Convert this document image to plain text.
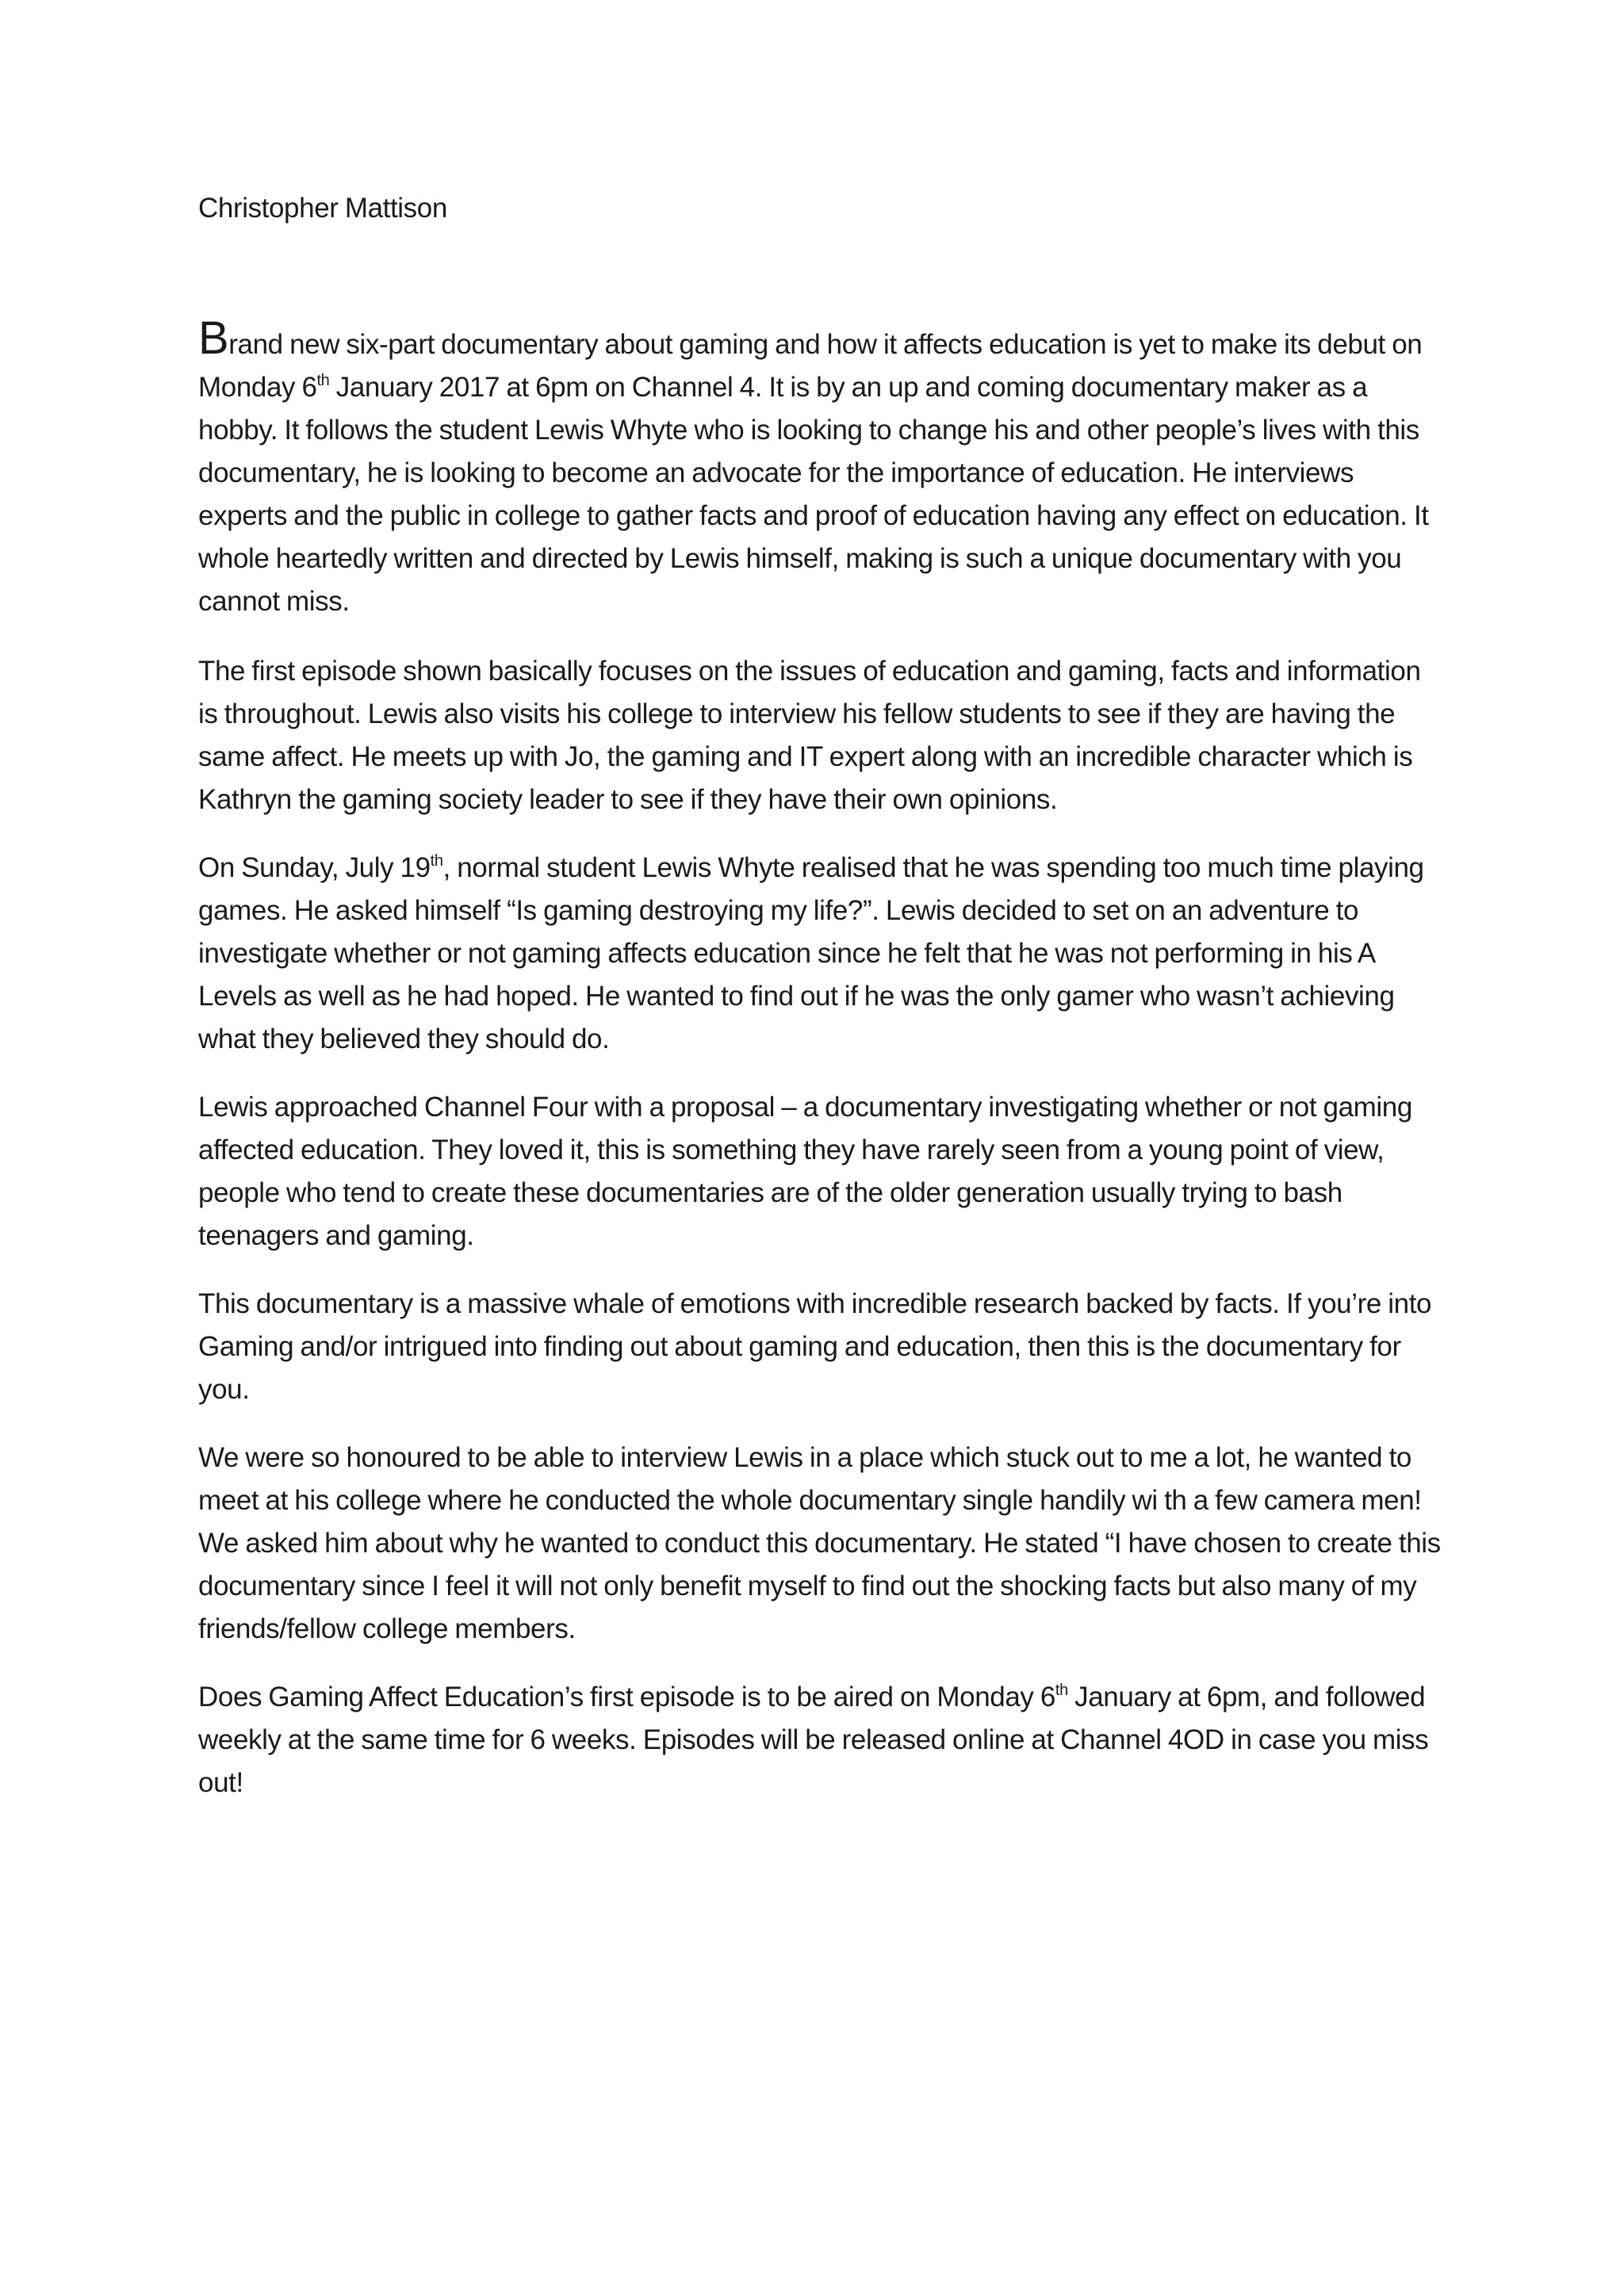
Christopher Mattison

Brand new six-part documentary about gaming and how it affects education is yet to make its debut on Monday 6th January 2017 at 6pm on Channel 4. It is by an up and coming documentary maker as a hobby. It follows the student Lewis Whyte who is looking to change his and other people’s lives with this documentary, he is looking to become an advocate for the importance of education. He interviews experts and the public in college to gather facts and proof of education having any effect on education. It whole heartedly written and directed by Lewis himself, making is such a unique documentary with you cannot miss.

The first episode shown basically focuses on the issues of education and gaming, facts and information is throughout. Lewis also visits his college to interview his fellow students to see if they are having the same affect. He meets up with Jo, the gaming and IT expert along with an incredible character which is Kathryn the gaming society leader to see if they have their own opinions.

On Sunday, July 19th, normal student Lewis Whyte realised that he was spending too much time playing games. He asked himself “Is gaming destroying my life?”. Lewis decided to set on an adventure to investigate whether or not gaming affects education since he felt that he was not performing in his A Levels as well as he had hoped. He wanted to find out if he was the only gamer who wasn’t achieving what they believed they should do.

Lewis approached Channel Four with a proposal – a documentary investigating whether or not gaming affected education. They loved it, this is something they have rarely seen from a young point of view, people who tend to create these documentaries are of the older generation usually trying to bash teenagers and gaming.

This documentary is a massive whale of emotions with incredible research backed by facts. If you’re into Gaming and/or intrigued into finding out about gaming and education, then this is the documentary for you.

We were so honoured to be able to interview Lewis in a place which stuck out to me a lot, he wanted to meet at his college where he conducted the whole documentary single handily wi th a few camera men! We asked him about why he wanted to conduct this documentary. He stated “I have chosen to create this documentary since I feel it will not only benefit myself to find out the shocking facts but also many of my friends/fellow college members.

Does Gaming Affect Education’s first episode is to be aired on Monday 6th January at 6pm, and followed weekly at the same time for 6 weeks. Episodes will be released online at Channel 4OD in case you miss out!
